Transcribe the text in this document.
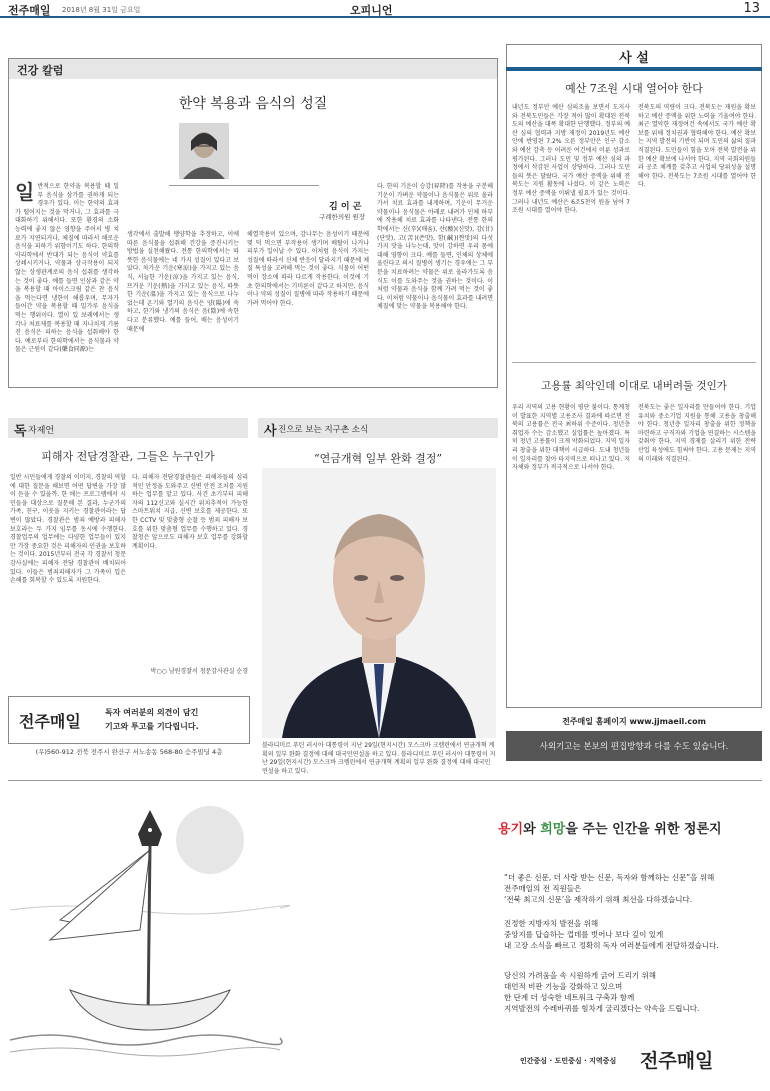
전주매일 2018년 8월 31일 금요일	오피니언	13
건강 칼럼
한약 복용과 음식의 성질
김 이 곤
구례한의원 원장
일반적으로 한약을 복용할 때 일부 음식을 삼가를 권하게 되는 경우가 있다. 이는 한약의 효과가 떨어지는 것을 막거나, 그 효과를 극대화하기 위해서다. 또한 환경의 소화 능력에 좋지 않은 영향을 주어서 병 치료가 지연되거나, 체질에 따라서 해로운 음식을 피하기 위함이기도 하다. 한의학 약리학에서 반대가 되는 음식이 약효를 상쇄시키거나, 약물과 상극작용이 되지 않는 상생관계로의 음식 섭취를 생각하는 것이 좋다. 예를 들면 인삼과 같은 약을 복용할 때 아이스크림 같은 찬 음식을 먹는다면 냉한이 해롭우며, 무자가 들어간 약을 복용할 때 밀가루 음식을 먹는 행위이다. 열이 있 보레에서는 생각나 처료제를 복용할 때 지나치게 기름진 음식은 피하는 음식을 섭취해야 한다. 예로부터 한의학에서는 음식물과 약물은 근원이 같다(藥食同源)는
생각에서 출발해 맹양학을 추정하고, 이에 따른 음식물을 섭취해 건강을 증진시키는 방법을 실천해왔다. 전통 한의학에서는 따뜻한 음식물에는 네 가지 성질이 있다고 보았다. 차가운 기운(寒涼)을 가지고 있는 음식, 서늘한 기운(涼)을 가지고 있는 음식, 뜨거운 기운(熱)을 가지고 있는 음식, 따뜻한 기운(溫)을 가지고 있는 음식으로 나누었는데 온기와 열기의 음식은 양(陽)에 속하고, 한기와 냉기의 음식은 음(陰)에 속한다고 분류했다. 예를 들어, 배는 음성이기 때문에
해열작용이 있으며, 감나무는 음성이기 때문에 몇 덕 먹으면 부작용이 생기며 배탈이 나거나 피부가 일어날 수 있다. 이처럼 음식이 가지는 성질에 따라서 신체 반응이 달라지기 때문에 체질 특성을 고려해 먹는 것이 좋다. 식물이 어떤 먹이 장소에 따라 다르게 작용한다. 이것에 기초 한의학에서는 기미론이 같다고 하지만, 음식이나 약의 성질이 질병에 따라 작용하기 때문에 가려 먹어야 한다.
다. 한의 기운이 승강(昇降)를 작용을 구분해 기운이 가벼운 약물이나 음식물은 위로 올라가서 치료 효과를 내게하며, 기운이 무거운 약물이나 음식물은 아래로 내려가 인체 하부에 작용해 치료 효과를 나타낸다. 전통 한의학에서는 신(辛)(매움), 산(酸)(신맛), 감(甘)(단맛), 고(苦)(쓴맛), 함(鹹)(짠맛)의 다섯 가지 맛을 나누는데, 맛이 강하면 우리 몸에 대해 영향이 크다. 예를 들면, 인체의 상체에 올린다고 의시 질병이 생기는 경우에는 그 부분을 치료하려는 약물은 위로 올라가도록 음식도 이를 도와주는 것을 권하는 것이다. 이처럼 약물과 음식을 함께 가려 먹는 것이 좋다. 이처럼 약물이나 음식물이 효과를 내려면 체질에 맞는 약물을 복용해야 한다.
사 설
예산 7조원 시대 열어야 한다
내년도 정부안 예산 심의조율 보면서 도지사와 전북도민들은 가장 적어 많이 확대된 전북도의 예산을 대폭 확대한 단행했다. 정부의 예산 심의 협력과 지방 재정이 2019년도 예산안에 반영된 7.2% 오른 정부안은 인구 감소와 예산 감축 등 어려운 여건에서 이룬 성과로 평가된다. 그러나 도민 및 정부 예산 심의 과정에서 삭감된 사업이 상당하다. 그러나 도민들의 뜻은 달랐다. 국가 예산 증액을 위해 전북도는 지원 활동에 나섰다. 이 같은 노력은 정부 예산 증액을 이뤄낼 필요가 있는 것이다. 그러나 내년도 예산은 6조5천억 원을 넘어 7조원 시대를 열어야 한다.
전북도의 역량이 크다. 전북도는 재원을 확보하고 예산 증액을 위한 노력을 기울여야 한다. 최근 열악한 재정여건 속에서도 국가 예산 확보를 위해 정치권과 협력해야 한다. 예산 확보는 지역 발전의 기반이 되며 도민의 삶의 질과 직결된다. 도민들이 힘을 모아 전북 발전을 위한 예산 확보에 나서야 한다. 지역 국회의원들과 공조 체계를 갖추고 사업의 당위성을 설명해야 한다. 전북도는 7조원 시대를 열어야 한다.
고용률 최악인데 이대로 내버려둘 것인가
우리 지역의 고용 현황이 평단 불이다. 통계청이 발표한 지역별 고용조사 결과에 따르면 전북의 고용률은 전국 최하위 수준이다. 청년층 취업자 수는 감소했고 실업률은 높아졌다. 특히 청년 고용률이 크게 악화되었다. 지역 일자리 창출을 위한 대책이 시급하다. 도내 청년들이 일자리를 찾아 타지역으로 떠나고 있다. 지자체와 정부가 적극적으로 나서야 한다.
전북도는 좋은 일자리를 만들어야 한다. 기업 유치와 중소기업 지원을 통해 고용을 창출해야 한다. 청년층 일자리 창출을 위한 정책을 마련하고 구직자와 기업을 연결하는 시스템을 갖춰야 한다. 지역 경제를 살리기 위한 전략 산업 육성에도 힘써야 한다. 고용 문제는 지역의 미래와 직결된다.
전주매일 홈페이지 www.jjmaeil.com
사외기고는 본보의 편집방향과 다를 수도 있습니다.
독 자제언
피해자 전담경찰관, 그들은 누구인가
일반 시민들에게 경찰의 이미지, 경찰의 역할에 대한 질문을 해보면 어떤 답변을 가장 많이 듣을 수 있을까. 한 애는 프로그램에서 시민들을 대상으로 질문해 본 결과, 누군가의 가족, 친구, 이웃을 지키는 경찰관이라는 답변이 많았다. 경찰관은 범죄 예방과 피해자 보호라는 두 가지 임무를 동시에 수행한다. 경찰업무의 업무에는 다양한 업무들이 있지만 가장 중요한 것은 피해자의 인권을 보호하는 것이다. 2015년부터 전국 각 경찰서 청문감사실에는 피해자 전담 경찰관이 배치되어 있다. 이들은 범죄피해자가 그 가족이 입은 손해를 회복할 수 있도록 지원한다.
다. 피해자 전담경찰관들은 피해자들의 심리적인 안정을 도와주고 신변 안전 조치를 지원하는 업무를 맡고 있다. 사건 초기부터 피해자의 112신고와 실시간 위치추적이 가능한 스마트워치 지급, 신변 보호를 제공한다. 또한 CCTV 및 맞춤형 순찰 등 범죄 피해자 보호를 위한 맞춤형 업무를 수행하고 있다. 경찰청은 앞으로도 피해자 보호 업무를 강화할 계획이다.
박○○ 남원경찰서 청문감사관실 순경
전주매일	독자 여러분의 의견이 담긴
기고와 투고를 기다립니다.
(우)560-912 전북 전주시 완산구 서노송동 568-80 승주빌딩 4층
사 진으로 보는 지구촌 소식
“연금개혁 일부 완화 결정”
블라디미르 푸틴 러시아 대통령이 지난 29일(현지시간) 모스크바 크렘린에서 연금개혁 계획의 일부 완화 결정에 대해 대국민연설을 하고 있다. 블라디미르 푸틴 러시아 대통령이 지난 29일(현지시간) 모스크바 크렘린에서 연금개혁 계획의 일부 완화 결정에 대해 대국민연설을 하고 있다.
용기와 희망을 주는 인간을 위한 정론지
“더 좋은 신문, 더 사랑 받는 신문, 독자와 함께하는 신문”을 위해
전주매일의 전 직원들은
‘전북 최고의 신문’을 제작하기 위해 최선을 다하겠습니다.
진정한 지방자치 발전을 위해
중앙지를 답습하는 껍데를 벗어나 보다 깊이 있게
내 고장 소식을 빠르고 정확히 독자 여러분들에게 전달하겠습니다.
당신의 가려움을 속 시원하게 긁어 드리기 위해
대언적 비판 기능을 강화하고 있으며
한 단계 더 성숙한 네트워크 구축과 함께
지역발전의 수레바퀴를 힘차게 굴리겠다는 약속을 드립니다.
인간중심 · 도민중심 · 지역중심 전주매일
